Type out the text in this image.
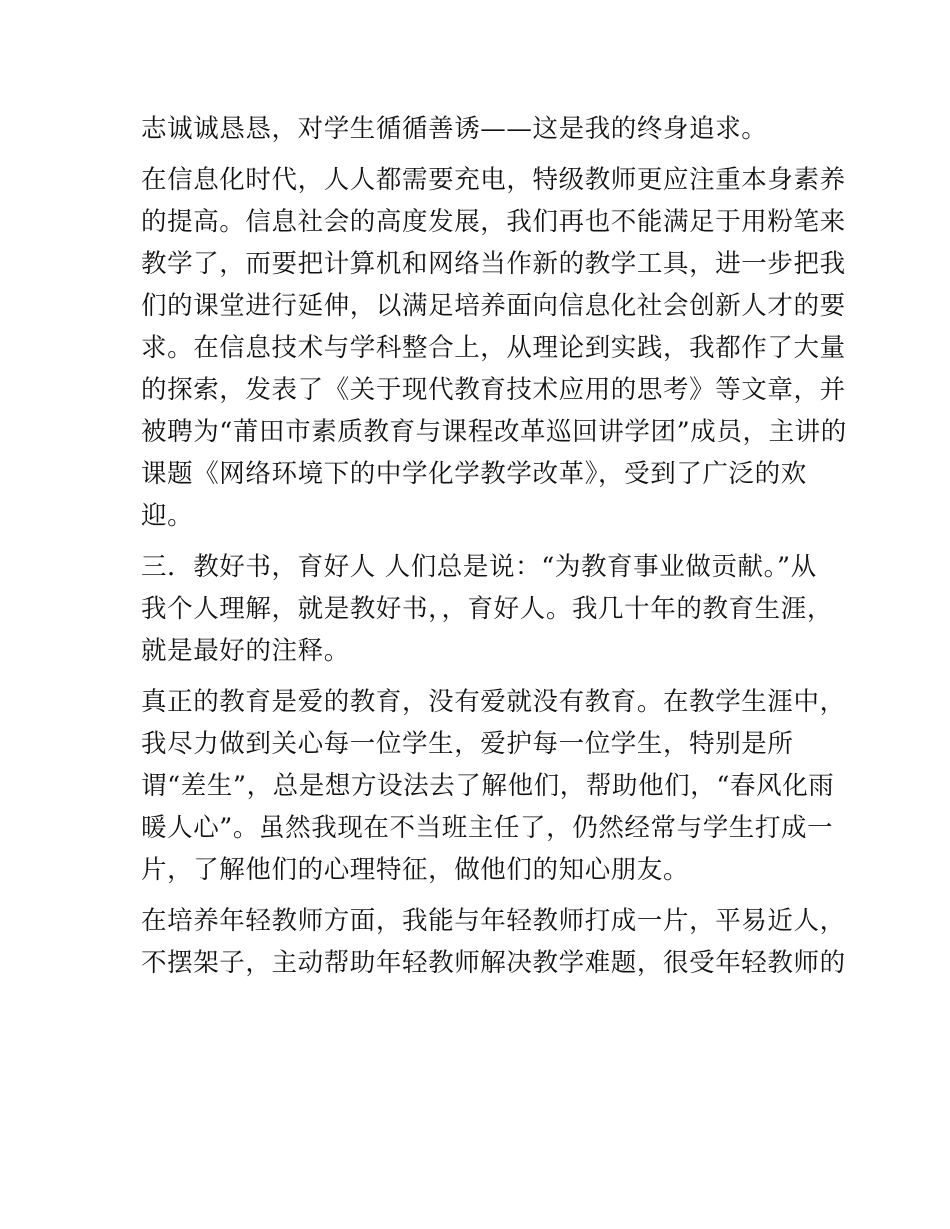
志诚诚恳恳，对学生循循善诱——这是我的终身追求。
在信息化时代，人人都需要充电，特级教师更应注重本身素养
的提高。信息社会的高度发展，我们再也不能满足于用粉笔来
教学了，而要把计算机和网络当作新的教学工具，进一步把我
们的课堂进行延伸，以满足培养面向信息化社会创新人才的要
求。在信息技术与学科整合上，从理论到实践，我都作了大量
的探索，发表了《关于现代教育技术应用的思考》等文章，并
被聘为“莆田市素质教育与课程改革巡回讲学团”成员，主讲的
课题《网络环境下的中学化学教学改革》，受到了广泛的欢
迎。
三．教好书，育好人 人们总是说：“为教育事业做贡献。”从
我个人理解，就是教好书，，育好人。我几十年的教育生涯，
就是最好的注释。
真正的教育是爱的教育，没有爱就没有教育。在教学生涯中，
我尽力做到关心每一位学生，爱护每一位学生，特别是所
谓“差生”，总是想方设法去了解他们，帮助他们，“春风化雨
暖人心”。虽然我现在不当班主任了，仍然经常与学生打成一
片，了解他们的心理特征，做他们的知心朋友。
在培养年轻教师方面，我能与年轻教师打成一片，平易近人，
不摆架子，主动帮助年轻教师解决教学难题，很受年轻教师的
